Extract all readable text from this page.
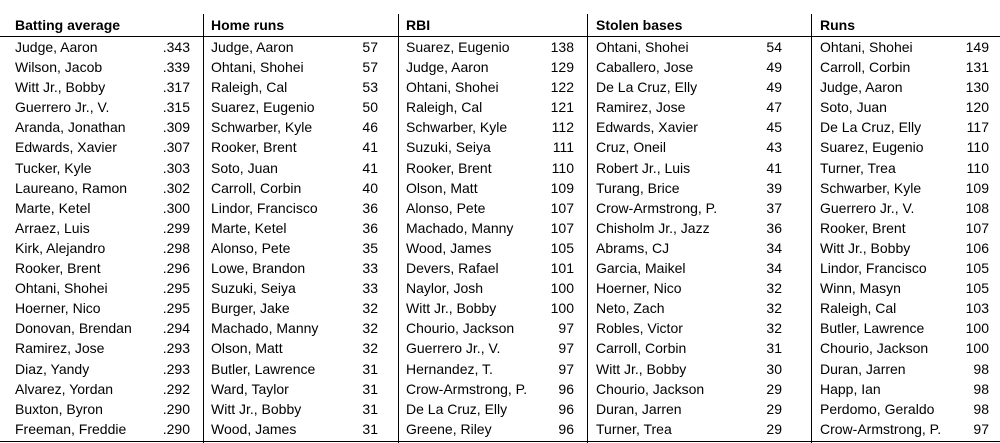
Batting average
Judge, Aaron	.343
Wilson, Jacob	.339
Witt Jr., Bobby	.317
Guerrero Jr., V.	.315
Aranda, Jonathan	.309
Edwards, Xavier	.307
Tucker, Kyle	.303
Laureano, Ramon	.302
Marte, Ketel	.300
Arraez, Luis	.299
Kirk, Alejandro	.298
Rooker, Brent	.296
Ohtani, Shohei	.295
Hoerner, Nico	.295
Donovan, Brendan .294
Ramirez, Jose	.293
Diaz, Yandy	.293
Alvarez, Yordan	.292
Buxton, Byron	.290
Freeman, Freddie	.290
Home runs
Judge, Aaron	57
Ohtani, Shohei	57
Raleigh, Cal	53
Suarez, Eugenio	50
Schwarber, Kyle	46
Rooker, Brent	41
Soto, Juan	41
Carroll, Corbin	40
Lindor, Francisco	36
Marte, Ketel	36
Alonso, Pete	35
Lowe, Brandon	33
Suzuki, Seiya	33
Burger, Jake	32
Machado, Manny	32
Olson, Matt	32
Butler, Lawrence	31
Ward, Taylor	31
Witt Jr., Bobby	31
Wood, James	31
RBI
Suarez, Eugenio	138
Judge, Aaron	129
Ohtani, Shohei	122
Raleigh, Cal	121
Schwarber, Kyle	112
Suzuki, Seiya	111
Rooker, Brent	110
Olson, Matt	109
Alonso, Pete	107
Machado, Manny	107
Wood, James	105
Devers, Rafael	101
Naylor, Josh	100
Witt Jr., Bobby	100
Chourio, Jackson	97
Guerrero Jr., V.	97
Hernandez, T.	97
Crow-Armstrong, P. 96
De La Cruz, Elly	96
Greene, Riley	96
Stolen bases
Ohtani, Shohei	54
Caballero, Jose	49
De La Cruz, Elly	49
Ramirez, Jose	47
Edwards, Xavier	45
Cruz, Oneil	43
Robert Jr., Luis	41
Turang, Brice	39
Crow-Armstrong, P.	37
Chisholm Jr., Jazz	36
Abrams, CJ	34
Garcia, Maikel	34
Hoerner, Nico	32
Neto, Zach	32
Robles, Victor	32
Carroll, Corbin	31
Witt Jr., Bobby	30
Chourio, Jackson	29
Duran, Jarren	29
Turner, Trea	29
Runs
Ohtani, Shohei	149
Carroll, Corbin	131
Judge, Aaron	130
Soto, Juan	120
De La Cruz, Elly	117
Suarez, Eugenio	110
Turner, Trea	110
Schwarber, Kyle	109
Guerrero Jr., V.	108
Rooker, Brent	107
Witt Jr., Bobby	106
Lindor, Francisco	105
Winn, Masyn	105
Raleigh, Cal	103
Butler, Lawrence	100
Chourio, Jackson	100
Duran, Jarren	98
Happ, Ian	98
Perdomo, Geraldo	98
Crow-Armstrong, P. 97
